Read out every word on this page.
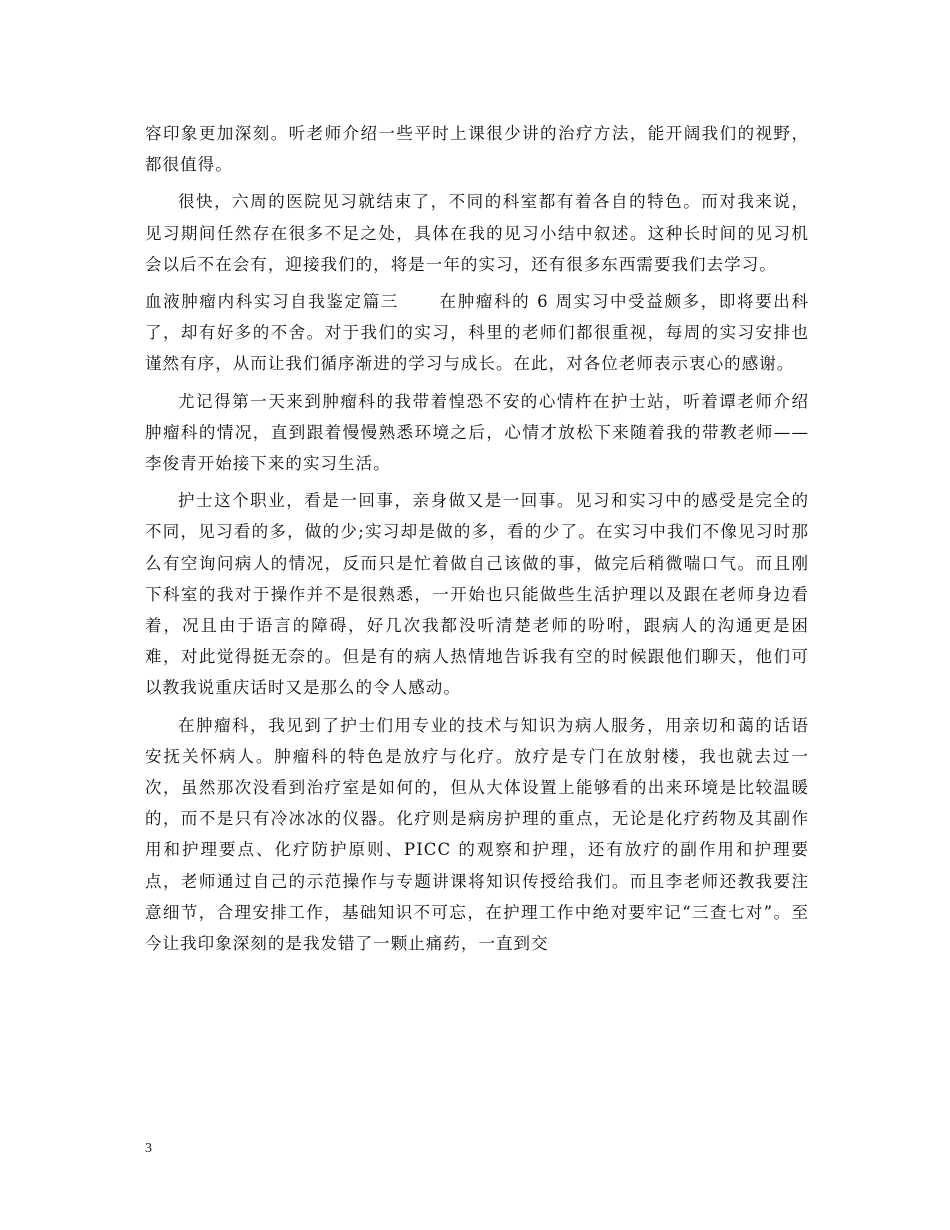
容印象更加深刻。听老师介绍一些平时上课很少讲的治疗方法，能开阔我们的视野，都很值得。

很快，六周的医院见习就结束了，不同的科室都有着各自的特色。而对我来说，见习期间任然存在很多不足之处，具体在我的见习小结中叙述。这种长时间的见习机会以后不在会有，迎接我们的，将是一年的实习，还有很多东西需要我们去学习。

血液肿瘤内科实习自我鉴定篇三 在肿瘤科的 6 周实习中受益颇多，即将要出科了，却有好多的不舍。对于我们的实习，科里的老师们都很重视，每周的实习安排也谨然有序，从而让我们循序渐进的学习与成长。在此，对各位老师表示衷心的感谢。

尤记得第一天来到肿瘤科的我带着惶恐不安的心情杵在护士站，听着谭老师介绍肿瘤科的情况，直到跟着慢慢熟悉环境之后，心情才放松下来随着我的带教老师——李俊青开始接下来的实习生活。

护士这个职业，看是一回事，亲身做又是一回事。见习和实习中的感受是完全的不同，见习看的多，做的少;实习却是做的多，看的少了。在实习中我们不像见习时那么有空询问病人的情况，反而只是忙着做自己该做的事，做完后稍微喘口气。而且刚下科室的我对于操作并不是很熟悉，一开始也只能做些生活护理以及跟在老师身边看着，况且由于语言的障碍，好几次我都没听清楚老师的吩咐，跟病人的沟通更是困难，对此觉得挺无奈的。但是有的病人热情地告诉我有空的时候跟他们聊天，他们可以教我说重庆话时又是那么的令人感动。

在肿瘤科，我见到了护士们用专业的技术与知识为病人服务，用亲切和蔼的话语安抚关怀病人。肿瘤科的特色是放疗与化疗。放疗是专门在放射楼，我也就去过一次，虽然那次没看到治疗室是如何的，但从大体设置上能够看的出来环境是比较温暖的，而不是只有冷冰冰的仪器。化疗则是病房护理的重点，无论是化疗药物及其副作用和护理要点、化疗防护原则、PICC 的观察和护理，还有放疗的副作用和护理要点，老师通过自己的示范操作与专题讲课将知识传授给我们。而且李老师还教我要注意细节，合理安排工作，基础知识不可忘，在护理工作中绝对要牢记“三查七对”。至今让我印象深刻的是我发错了一颗止痛药，一直到交

3
